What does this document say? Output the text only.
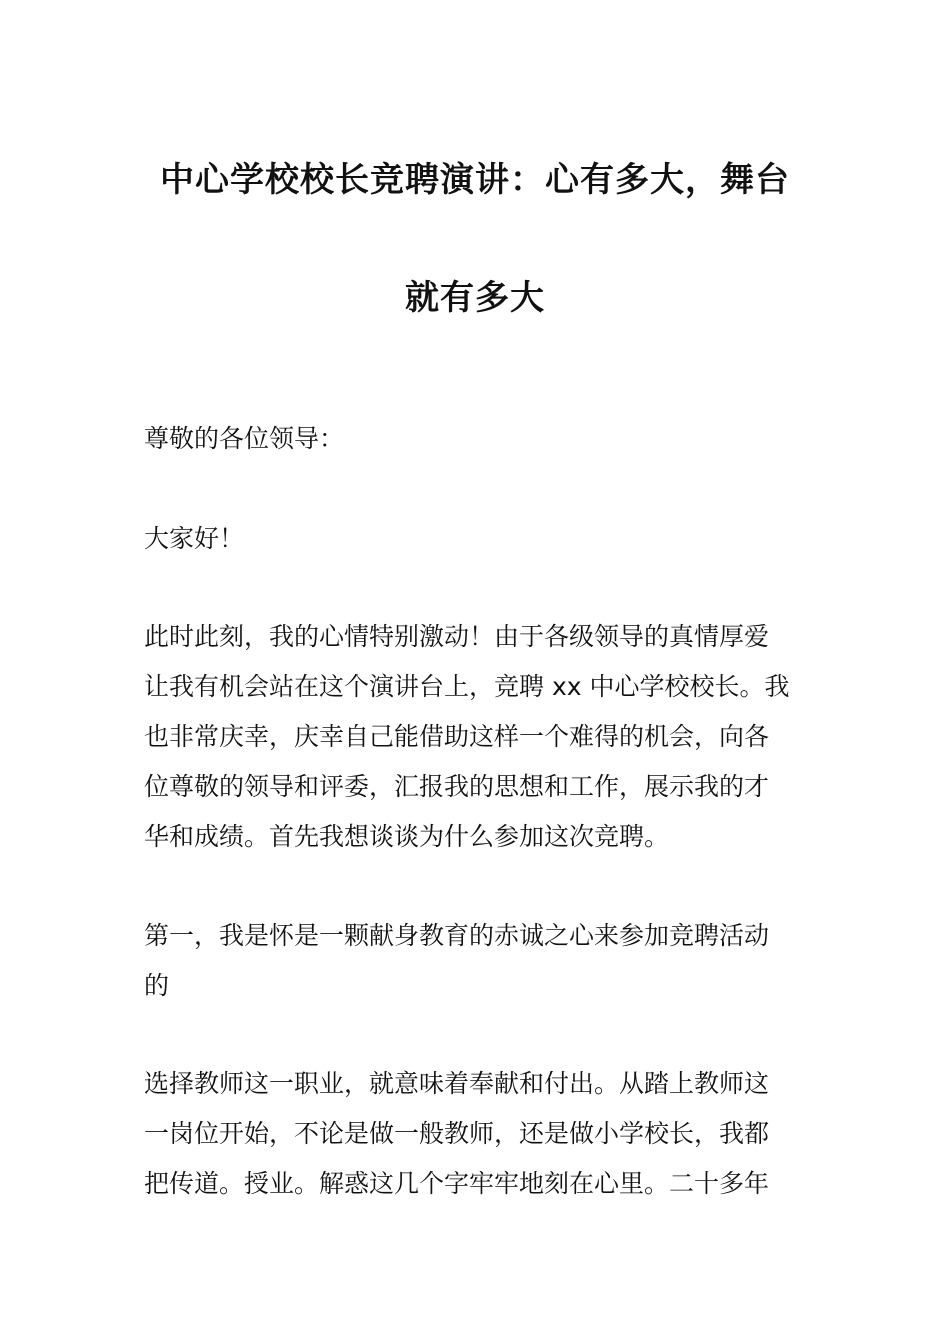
中心学校校长竞聘演讲：心有多大，舞台
就有多大
尊敬的各位领导：
大家好！
此时此刻，我的心情特别激动！由于各级领导的真情厚爱
让我有机会站在这个演讲台上，竞聘 xx 中心学校校长。我
也非常庆幸，庆幸自己能借助这样一个难得的机会，向各
位尊敬的领导和评委，汇报我的思想和工作，展示我的才
华和成绩。首先我想谈谈为什么参加这次竞聘。
第一，我是怀是一颗献身教育的赤诚之心来参加竞聘活动
的
选择教师这一职业，就意味着奉献和付出。从踏上教师这
一岗位开始，不论是做一般教师，还是做小学校长，我都
把传道。授业。解惑这几个字牢牢地刻在心里。二十多年
